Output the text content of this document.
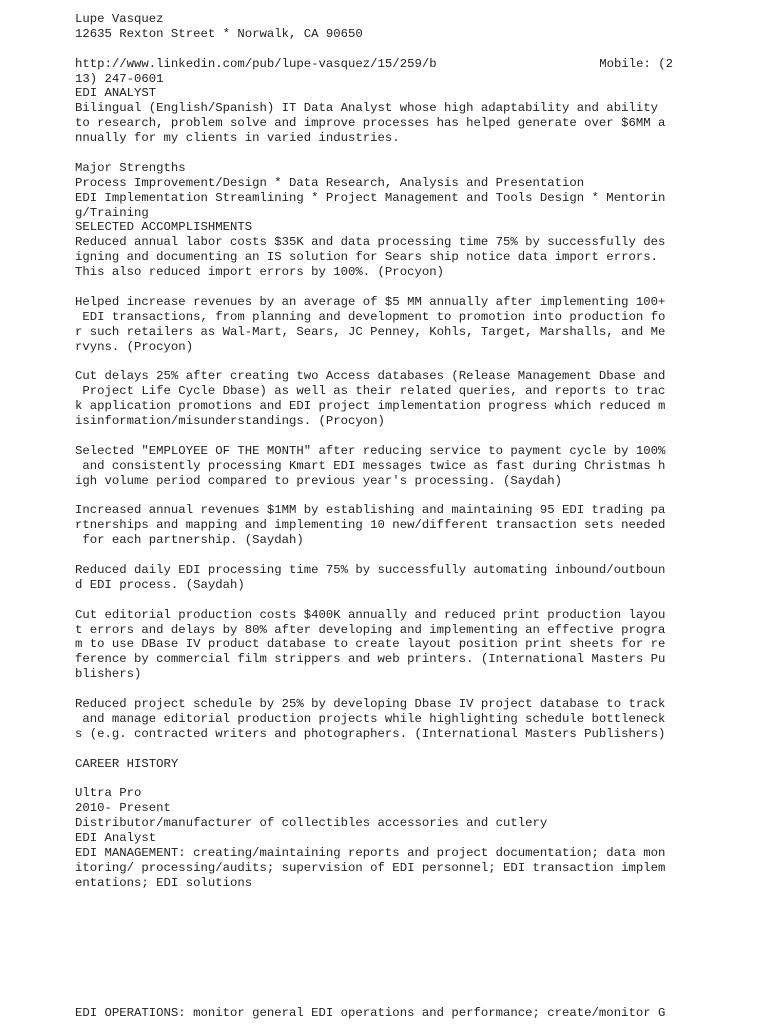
Lupe Vasquez
12635 Rexton Street * Norwalk, CA 90650
http://www.linkedin.com/pub/lupe-vasquez/15/259/b	Mobile: (2
13) 247-0601
EDI ANALYST
Bilingual (English/Spanish) IT Data Analyst whose high adaptability and ability
to research, problem solve and improve processes has helped generate over $6MM a
nnually for my clients in varied industries.
Major Strengths
Process Improvement/Design * Data Research, Analysis and Presentation
EDI Implementation Streamlining * Project Management and Tools Design * Mentorin
g/Training
SELECTED ACCOMPLISHMENTS
Reduced annual labor costs $35K and data processing time 75% by successfully des
igning and documenting an IS solution for Sears ship notice data import errors.
This also reduced import errors by 100%. (Procyon)
Helped increase revenues by an average of $5 MM annually after implementing 100+
EDI transactions, from planning and development to promotion into production fo
r such retailers as Wal-Mart, Sears, JC Penney, Kohls, Target, Marshalls, and Me
rvyns. (Procyon)
Cut delays 25% after creating two Access databases (Release Management Dbase and
Project Life Cycle Dbase) as well as their related queries, and reports to trac
k application promotions and EDI project implementation progress which reduced m
isinformation/misunderstandings. (Procyon)
Selected "EMPLOYEE OF THE MONTH" after reducing service to payment cycle by 100%
and consistently processing Kmart EDI messages twice as fast during Christmas h
igh volume period compared to previous year's processing. (Saydah)
Increased annual revenues $1MM by establishing and maintaining 95 EDI trading pa
rtnerships and mapping and implementing 10 new/different transaction sets needed
for each partnership. (Saydah)
Reduced daily EDI processing time 75% by successfully automating inbound/outboun
d EDI process. (Saydah)
Cut editorial production costs $400K annually and reduced print production layou
t errors and delays by 80% after developing and implementing an effective progra
m to use DBase IV product database to create layout position print sheets for re
ference by commercial film strippers and web printers. (International Masters Pu
blishers)
Reduced project schedule by 25% by developing Dbase IV project database to track
and manage editorial production projects while highlighting schedule bottleneck
s (e.g. contracted writers and photographers. (International Masters Publishers)
CAREER HISTORY
Ultra Pro
2010- Present
Distributor/manufacturer of collectibles accessories and cutlery
EDI Analyst
EDI MANAGEMENT: creating/maintaining reports and project documentation; data mon
itoring/ processing/audits; supervision of EDI personnel; EDI transaction implem
entations; EDI solutions
EDI OPERATIONS: monitor general EDI operations and performance; create/monitor G
